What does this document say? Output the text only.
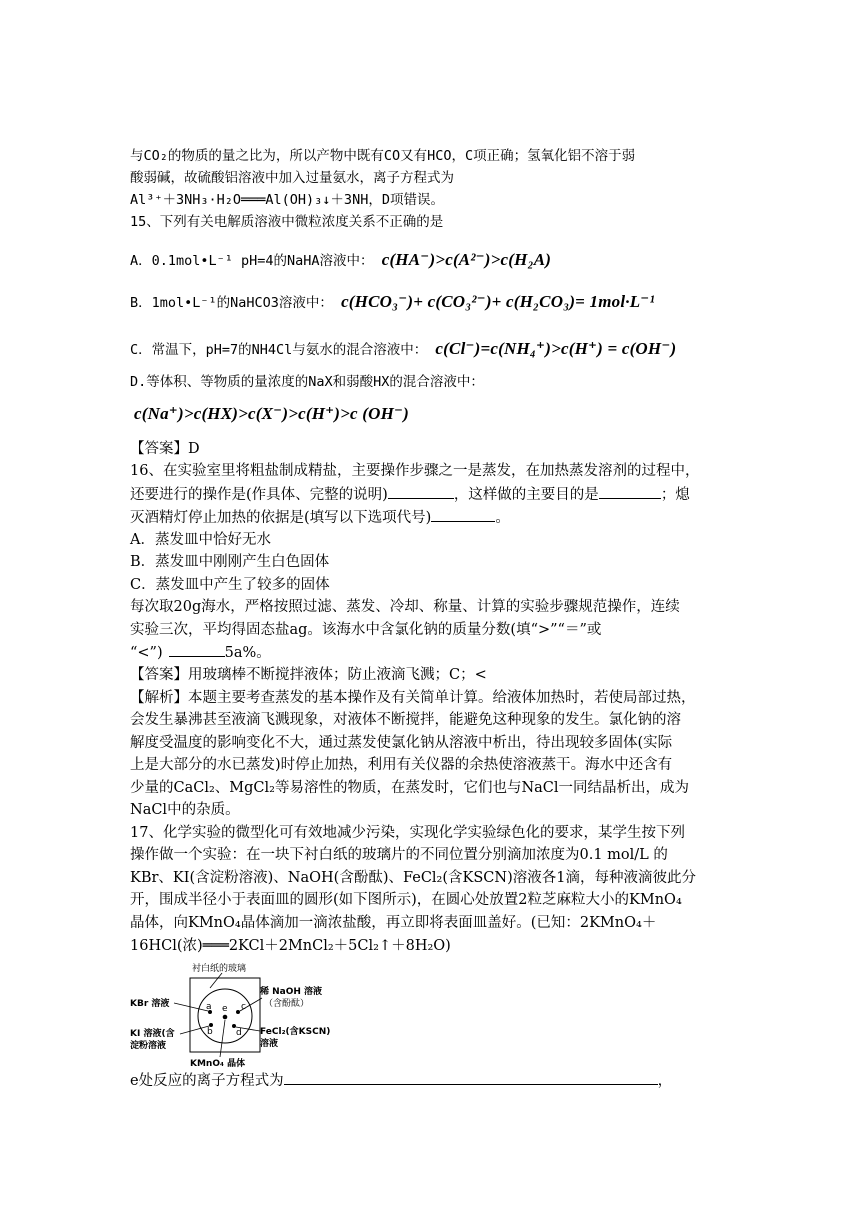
与CO₂的物质的量之比为，所以产物中既有CO又有HCO，C项正确；氢氧化铝不溶于弱
酸弱碱，故硫酸铝溶液中加入过量氨水，离子方程式为
Al³⁺＋3NH₃·H₂O═══Al(OH)₃↓＋3NH，D项错误。
15、下列有关电解质溶液中微粒浓度关系不正确的是
A．0.1mol•L⁻¹ pH=4的NaHA溶液中： c(HA⁻)>c(A²⁻)>c(H₂A)
B．1mol•L⁻¹的NaHCO3溶液中： c(HCO₃⁻)+ c(CO₃²⁻)+ c(H₂CO₃)= 1mol·L⁻¹
C．常温下，pH=7的NH4Cl与氨水的混合溶液中： c(Cl⁻)=c(NH₄⁺)>c(H⁺) = c(OH⁻)
D.等体积、等物质的量浓度的NaX和弱酸HX的混合溶液中：
c(Na⁺)>c(HX)>c(X⁻)>c(H⁺)>c (OH⁻)
【答案】D
16、在实验室里将粗盐制成精盐，主要操作步骤之一是蒸发，在加热蒸发溶剂的过程中，
还要进行的操作是(作具体、完整的说明)	，这样做的主要目的是	；熄
灭酒精灯停止加热的依据是(填写以下选项代号)	。
A．蒸发皿中恰好无水
B．蒸发皿中刚刚产生白色固体
C．蒸发皿中产生了较多的固体
每次取20g海水，严格按照过滤、蒸发、冷却、称量、计算的实验步骤规范操作，连续
实验三次，平均得固态盐ag。该海水中含氯化钠的质量分数(填“>”“＝”或
“<”)	5a%。
【答案】用玻璃棒不断搅拌液体；防止液滴飞溅；C；<
【解析】本题主要考查蒸发的基本操作及有关简单计算。给液体加热时，若使局部过热，
会发生暴沸甚至液滴飞溅现象，对液体不断搅拌，能避免这种现象的发生。氯化钠的溶
解度受温度的影响变化不大，通过蒸发使氯化钠从溶液中析出，待出现较多固体(实际
上是大部分的水已蒸发)时停止加热，利用有关仪器的余热使溶液蒸干。海水中还含有
少量的CaCl₂、MgCl₂等易溶性的物质，在蒸发时，它们也与NaCl一同结晶析出，成为
NaCl中的杂质。
17、化学实验的微型化可有效地减少污染，实现化学实验绿色化的要求，某学生按下列
操作做一个实验：在一块下衬白纸的玻璃片的不同位置分别滴加浓度为0.1 mol/L 的
KBr、KI(含淀粉溶液)、NaOH(含酚酞)、FeCl₂(含KSCN)溶液各1滴，每种液滴彼此分
开，围成半径小于表面皿的圆形(如下图所示)，在圆心处放置2粒芝麻粒大小的KMnO₄
晶体，向KMnO₄晶体滴加一滴浓盐酸，再立即将表面皿盖好。(已知：2KMnO₄＋
16HCl(浓)═══2KCl＋2MnCl₂＋5Cl₂↑＋8H₂O)
衬白纸的玻璃
a
b
c
d
e
KBr 溶液
稀 NaOH 溶液
（含酚酞）
KI 溶液(含
淀粉溶液
FeCl₂(含KSCN)
溶液
KMnO₄ 晶体
e处反应的离子方程式为	，
